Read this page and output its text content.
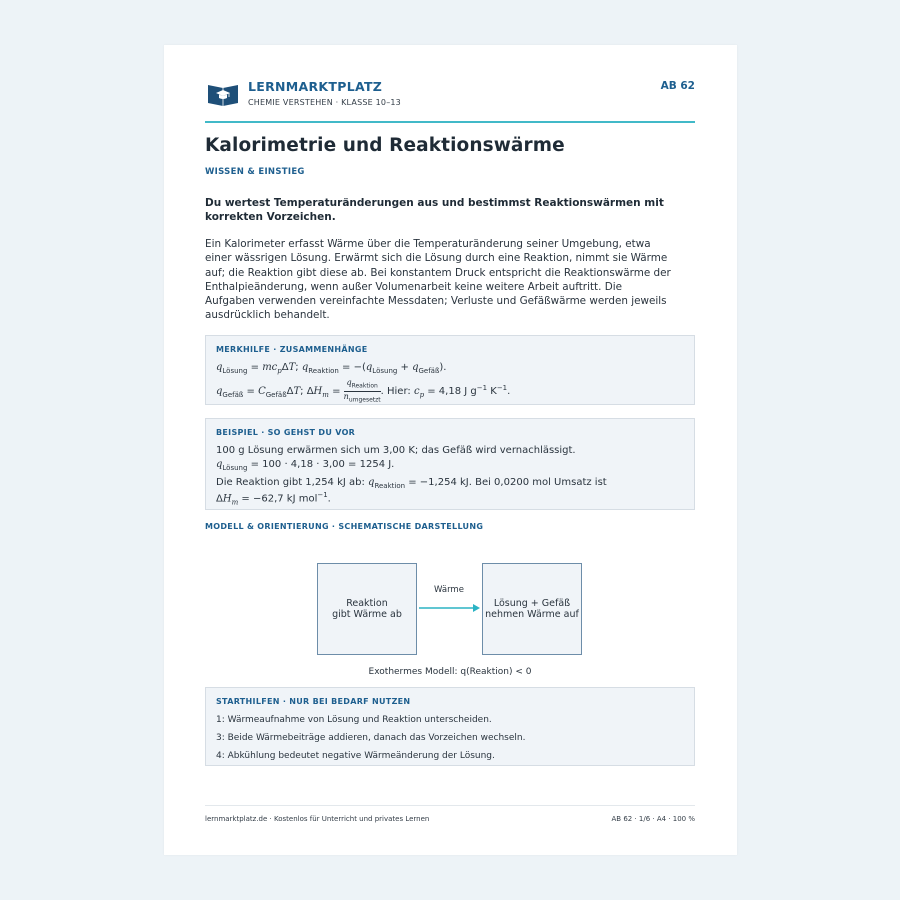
LERNMARKTPLATZ
CHEMIE VERSTEHEN · KLASSE 10–13
AB 62
Kalorimetrie und Reaktionswärme
WISSEN & EINSTIEG
Du wertest Temperaturänderungen aus und bestimmst Reaktionswärmen mit korrekten Vorzeichen.
Ein Kalorimeter erfasst Wärme über die Temperaturänderung seiner Umgebung, etwa einer wässrigen Lösung. Erwärmt sich die Lösung durch eine Reaktion, nimmt sie Wärme auf; die Reaktion gibt diese ab. Bei konstantem Druck entspricht die Reaktionswärme der Enthalpieänderung, wenn außer Volumenarbeit keine weitere Arbeit auftritt. Die Aufgaben verwenden vereinfachte Messdaten; Verluste und Gefäßwärme werden jeweils ausdrücklich behandelt.
MERKHILFE · ZUSAMMENHÄNGE
$q_{Lösung} = mc_p\Delta T$; $q_{Reaktion} = -(q_{Lösung} + q_{Gefäß})$.
$q_{Gefäß} = C_{Gefäß}\Delta T$; $\Delta H_m = \frac{q_{Reaktion}}{n_{umgesetzt}}$ . Hier: $c_p = 4,18$ J $g^{-1}$ $K^{-1}$.
BEISPIEL · SO GEHST DU VOR
100 g Lösung erwärmen sich um 3,00 K; das Gefäß wird vernachlässigt.
$q_{Lösung} = 100 \cdot 4,18 \cdot 3,00 = 1254$ J.
Die Reaktion gibt 1,254 kJ ab: $q_{Reaktion} = -1,254$ kJ. Bei 0,0200 mol Umsatz ist
$\Delta H_m = -62,7$ kJ mol$^{-1}$.
MODELL & ORIENTIERUNG · SCHEMATISCHE DARSTELLUNG
Reaktion
gibt Wärme ab
Wärme
Lösung + Gefäß
nehmen Wärme auf
Exothermes Modell: q(Reaktion) < 0
STARTHILFEN · NUR BEI BEDARF NUTZEN
1: Wärmeaufnahme von Lösung und Reaktion unterscheiden.
3: Beide Wärmebeiträge addieren, danach das Vorzeichen wechseln.
4: Abkühlung bedeutet negative Wärmeänderung der Lösung.
lernmarktplatz.de · Kostenlos für Unterricht und privates Lernen	AB 62 · 1/6 · A4 · 100 %
